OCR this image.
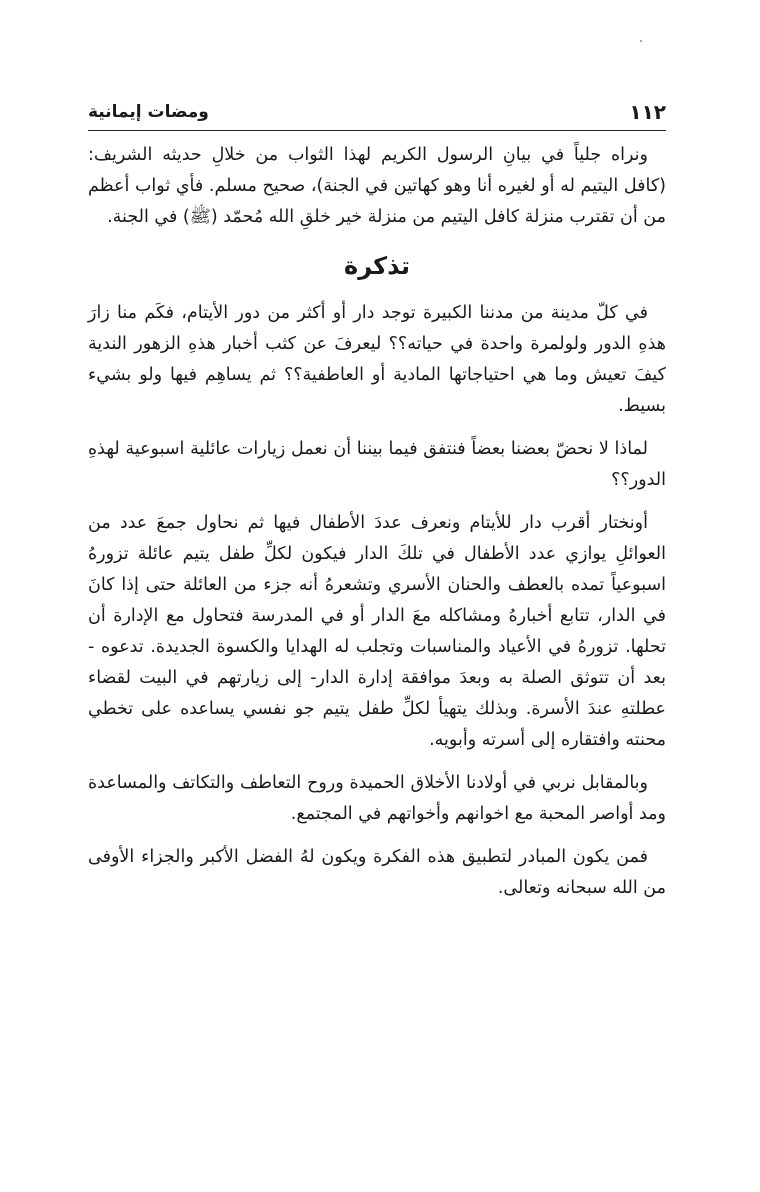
١١٢
ومضات إيمانية

ونراه جلياً في بيانِ الرسول الكريم لهذا الثواب من خلالِ حديثه الشريف: (كافل اليتيم له أو لغيره أنا وهو كهاتين في الجنة)، صحيح مسلم. فأي ثواب أعظم من أن تقترب منزلة كافل اليتيم من منزلة خير خلقِ الله مُحمّد (ﷺ) في الجنة.

تذكرة

في كلّ مدينة من مدننا الكبيرة توجد دار أو أكثر من دور الأيتام، فكَم منا زارَ هذهِ الدور ولولمرة واحدة في حياته؟؟ ليعرفَ عن كثب أخبار هذهِ الزهور الندية كيفَ تعيش وما هي احتياجاتها المادية أو العاطفية؟؟ ثم يساهِم فيها ولو بشيء بسيط.

لماذا لا نحضّ بعضنا بعضاً فنتفق فيما بيننا أن نعمل زيارات عائلية اسبوعية لهذهِ الدور؟؟

أونختار أقرب دار للأيتام ونعرف عددَ الأطفال فيها ثم نحاول جمعَ عدد من العوائلِ يوازي عدد الأطفال في تلكَ الدار فيكون لكلِّ طفل يتيم عائلة تزورهُ اسبوعياً تمده بالعطف والحنان الأسري وتشعرهُ أنه جزء من العائلة حتى إذا كانَ في الدار، تتابع أخبارهُ ومشاكله معَ الدار أو في المدرسة فتحاول مع الإدارة أن تحلها. تزورهُ في الأعياد والمناسبات وتجلب له الهدايا والكسوة الجديدة. تدعوه - بعد أن تتوثق الصلة به وبعدَ موافقة إدارة الدار- إلى زيارتهم في البيت لقضاء عطلتهِ عندَ الأسرة. وبذلك يتهيأ لكلِّ طفل يتيم جو نفسي يساعده على تخطي محنته وافتقاره إلى أسرته وأبويه.

وبالمقابل نربي في أولادنا الأخلاق الحميدة وروح التعاطف والتكاتف والمساعدة ومد أواصر المحبة مع اخوانهم وأخواتهم في المجتمع.

فمن يكون المبادر لتطبيق هذه الفكرة ويكون لهُ الفضل الأكبر والجزاء الأوفى من الله سبحانه وتعالى.
